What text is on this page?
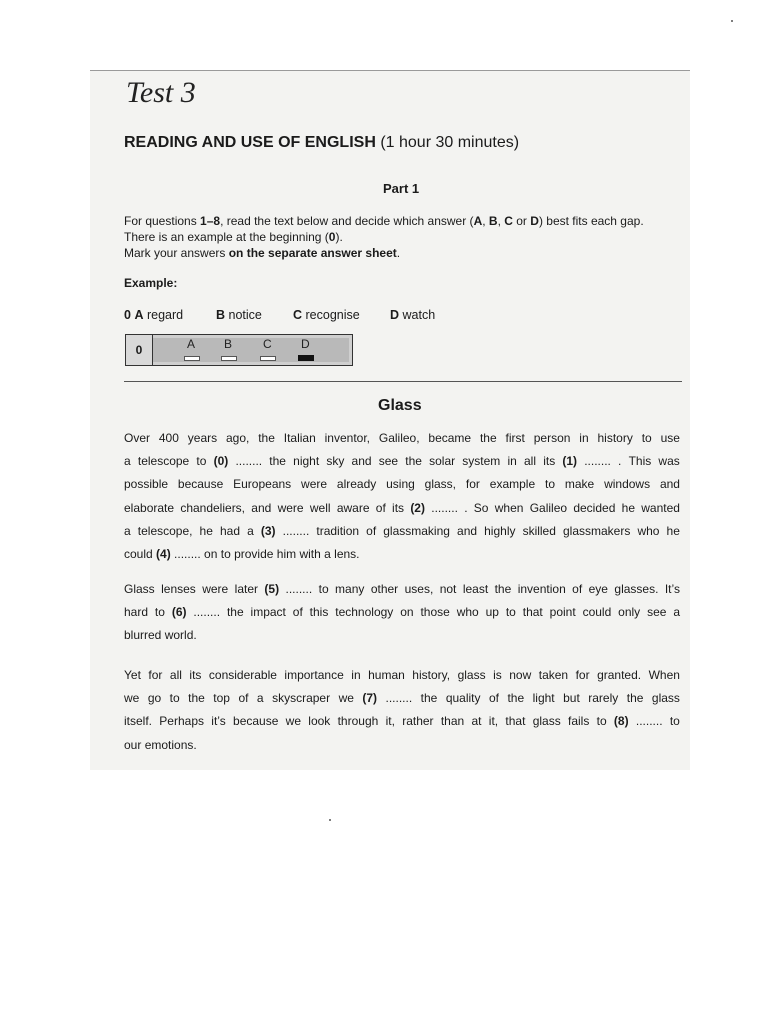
Test 3
READING AND USE OF ENGLISH (1 hour 30 minutes)
Part 1
For questions 1–8, read the text below and decide which answer (A, B, C or D) best fits each gap.
There is an example at the beginning (0).
Mark your answers on the separate answer sheet.
Example:
0 A regard	B notice C recognise D watch
0	A B	C D
Glass
Over 400 years ago, the Italian inventor, Galileo, became the first person in history to use
a telescope to (0) ........ the night sky and see the solar system in all its (1) ........ . This was
possible because Europeans were already using glass, for example to make windows and
elaborate chandeliers, and were well aware of its (2) ........ . So when Galileo decided he wanted
a telescope, he had a (3) ........ tradition of glassmaking and highly skilled glassmakers who he
could (4) ........ on to provide him with a lens.
Glass lenses were later (5) ........ to many other uses, not least the invention of eye glasses. It’s
hard to (6) ........ the impact of this technology on those who up to that point could only see a
blurred world.
Yet for all its considerable importance in human history, glass is now taken for granted. When
we go to the top of a skyscraper we (7) ........ the quality of the light but rarely the glass
itself. Perhaps it’s because we look through it, rather than at it, that glass fails to (8) ........ to
our emotions.
